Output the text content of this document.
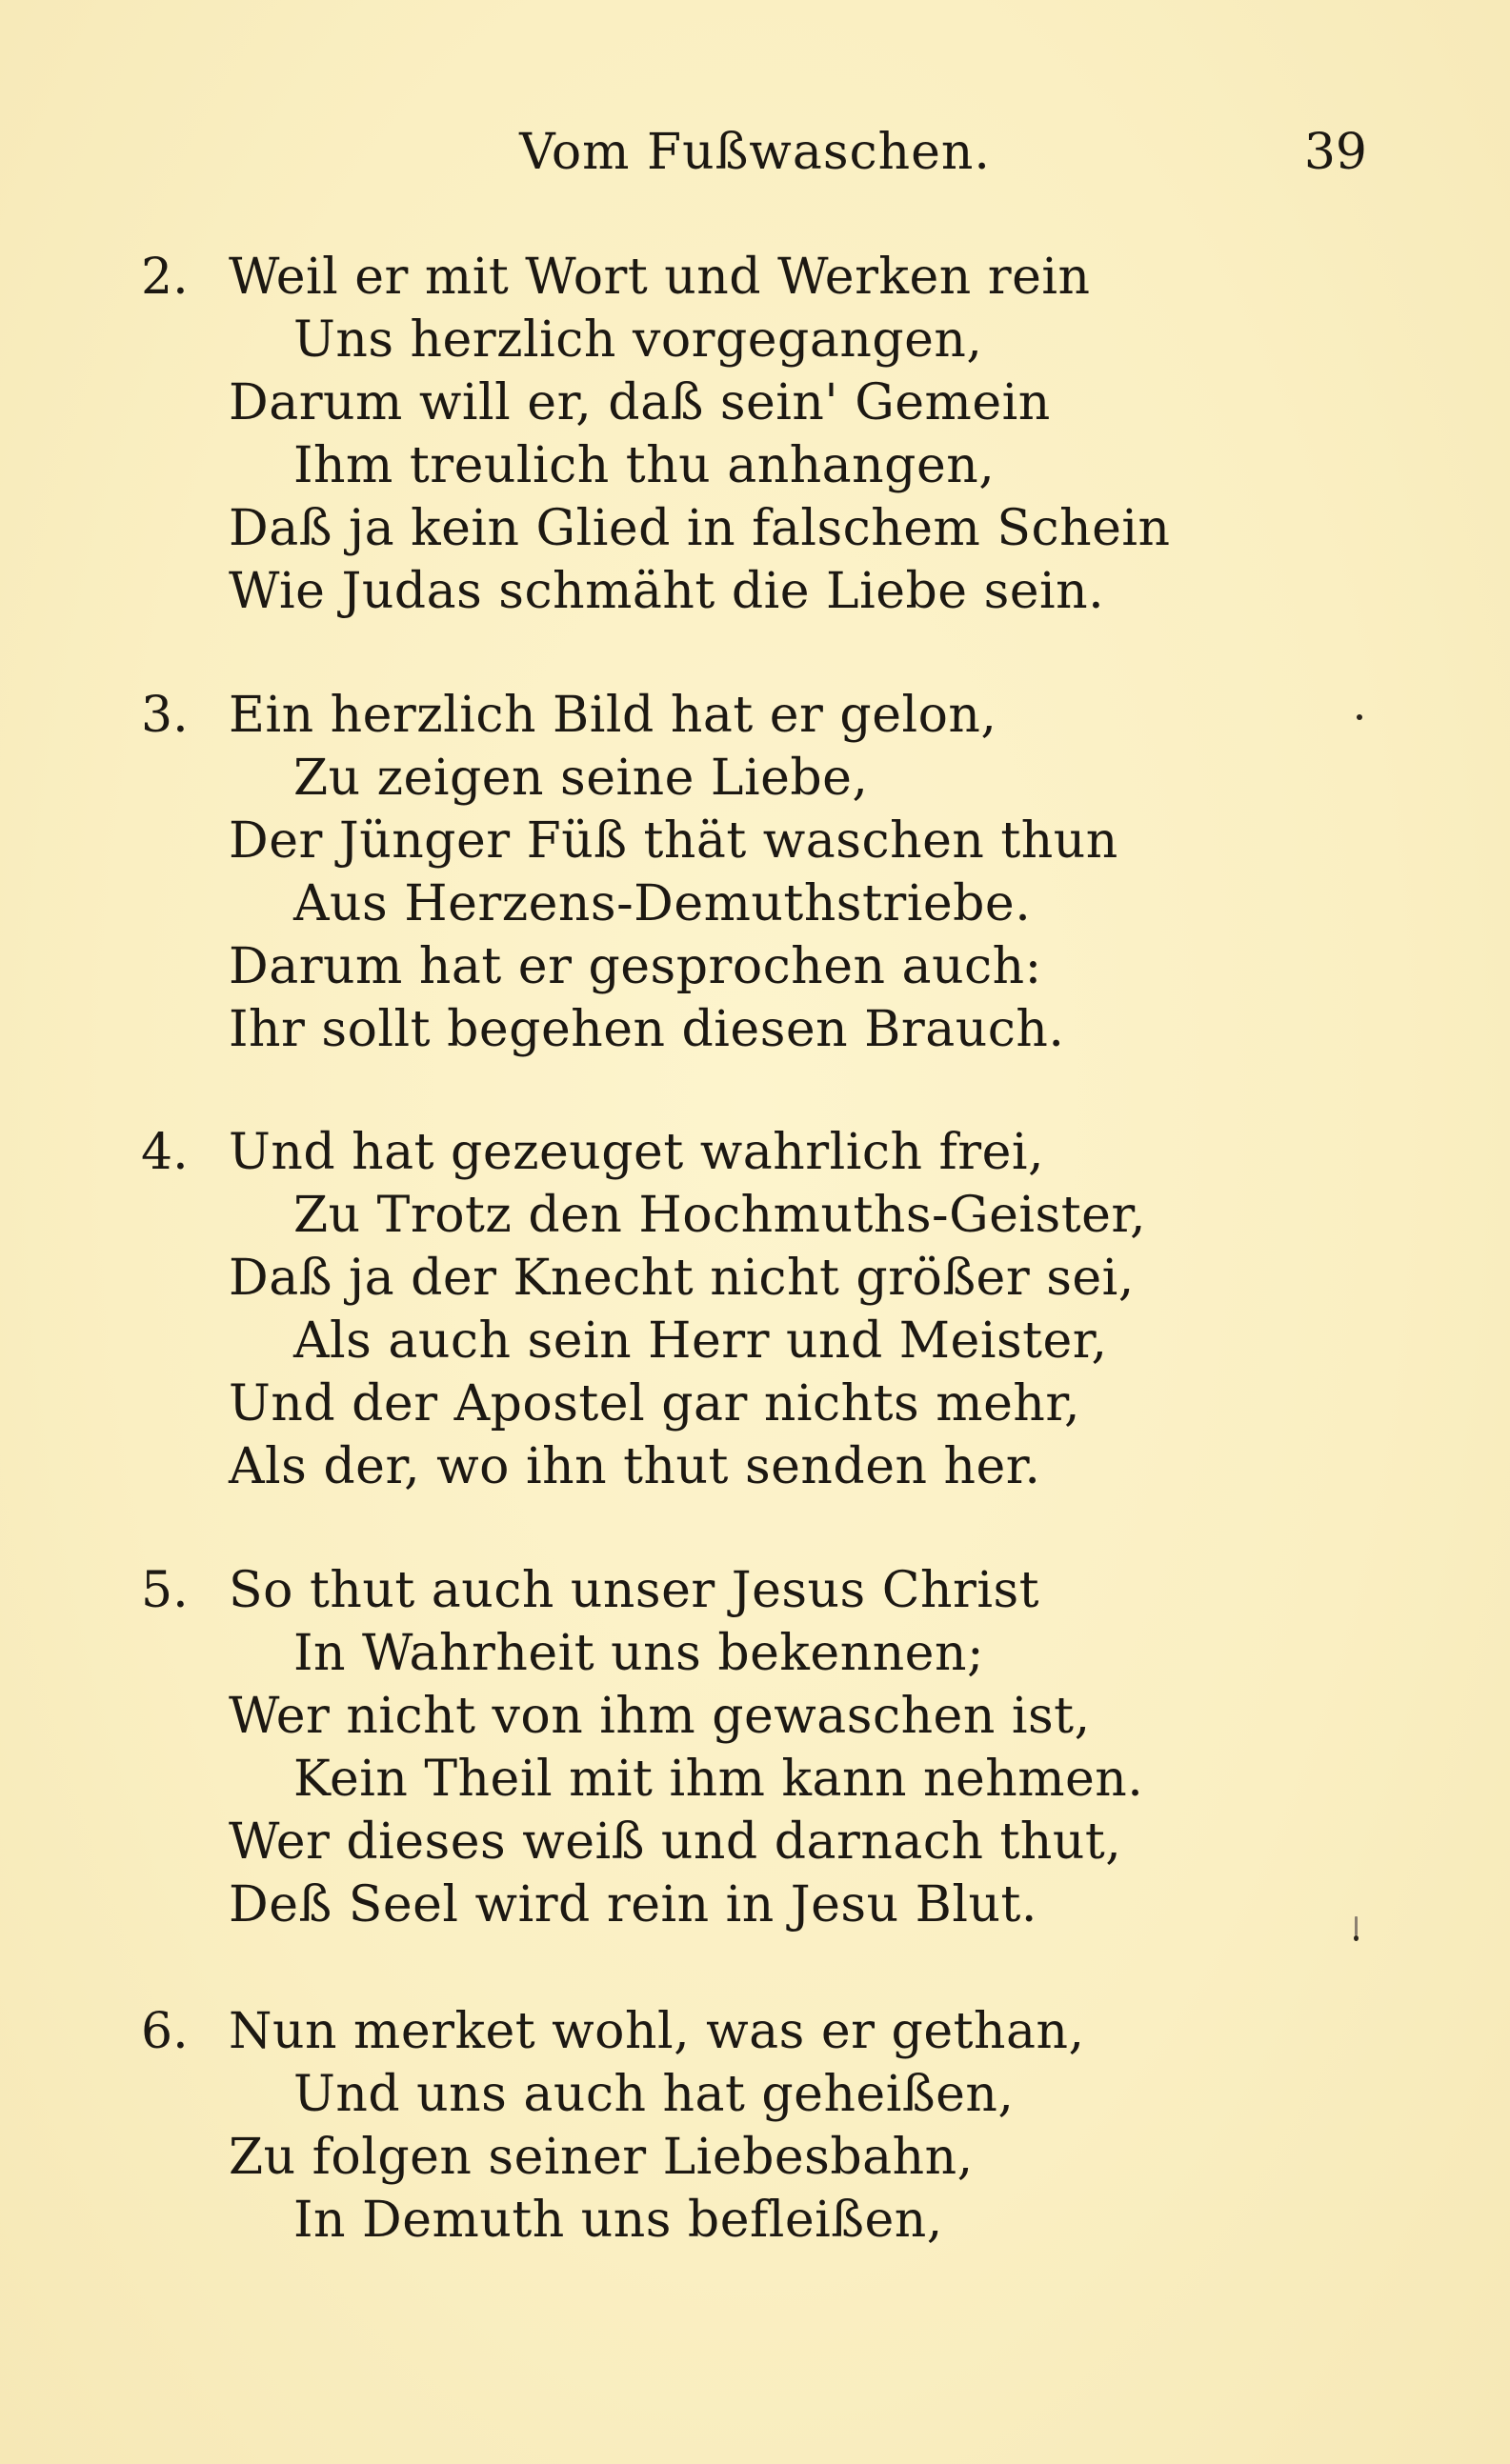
Vom Fußwaschen.	39
2. Weil er mit Wort und Werken rein
Uns herzlich vorgegangen,
Darum will er, daß sein' Gemein
Ihm treulich thu anhangen,
Daß ja kein Glied in falschem Schein
Wie Judas schmäht die Liebe sein.
3. Ein herzlich Bild hat er gelon,
Zu zeigen seine Liebe,
Der Jünger Füß thät waschen thun
Aus Herzens-Demuthstriebe.
Darum hat er gesprochen auch:
Ihr sollt begehen diesen Brauch.
4. Und hat gezeuget wahrlich frei,
Zu Trotz den Hochmuths-Geister,
Daß ja der Knecht nicht größer sei,
Als auch sein Herr und Meister,
Und der Apostel gar nichts mehr,
Als der, wo ihn thut senden her.
5. So thut auch unser Jesus Christ
In Wahrheit uns bekennen;
Wer nicht von ihm gewaschen ist,
Kein Theil mit ihm kann nehmen.
Wer dieses weiß und darnach thut,
Deß Seel wird rein in Jesu Blut.
6. Nun merket wohl, was er gethan,
Und uns auch hat geheißen,
Zu folgen seiner Liebesbahn,
In Demuth uns befleißen,
